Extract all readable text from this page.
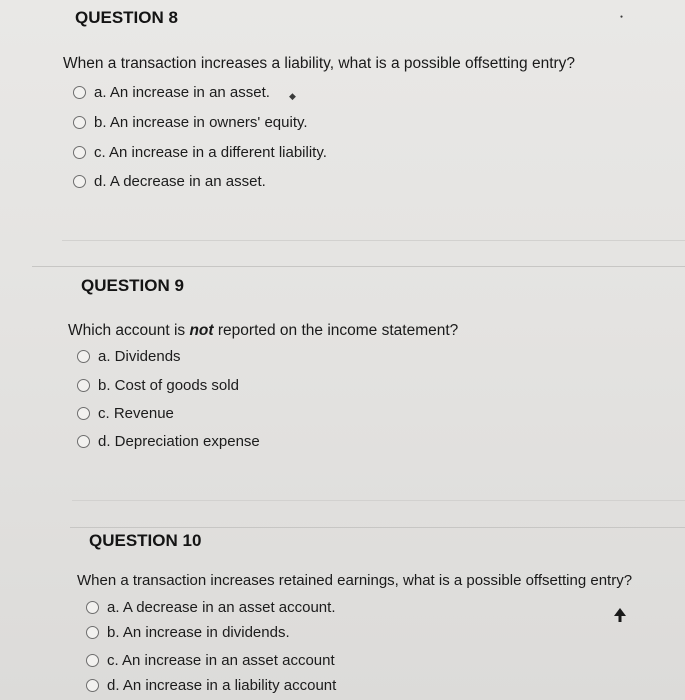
QUESTION 8
When a transaction increases a liability, what is a possible offsetting entry?
a. An increase in an asset.
b. An increase in owners' equity.
c. An increase in a different liability.
d. A decrease in an asset.
◆
●
QUESTION 9
Which account is not reported on the income statement?
a. Dividends
b. Cost of goods sold
c. Revenue
d. Depreciation expense
QUESTION 10
When a transaction increases retained earnings, what is a possible offsetting entry?
a. A decrease in an asset account.
b. An increase in dividends.
c. An increase in an asset account
d. An increase in a liability account
